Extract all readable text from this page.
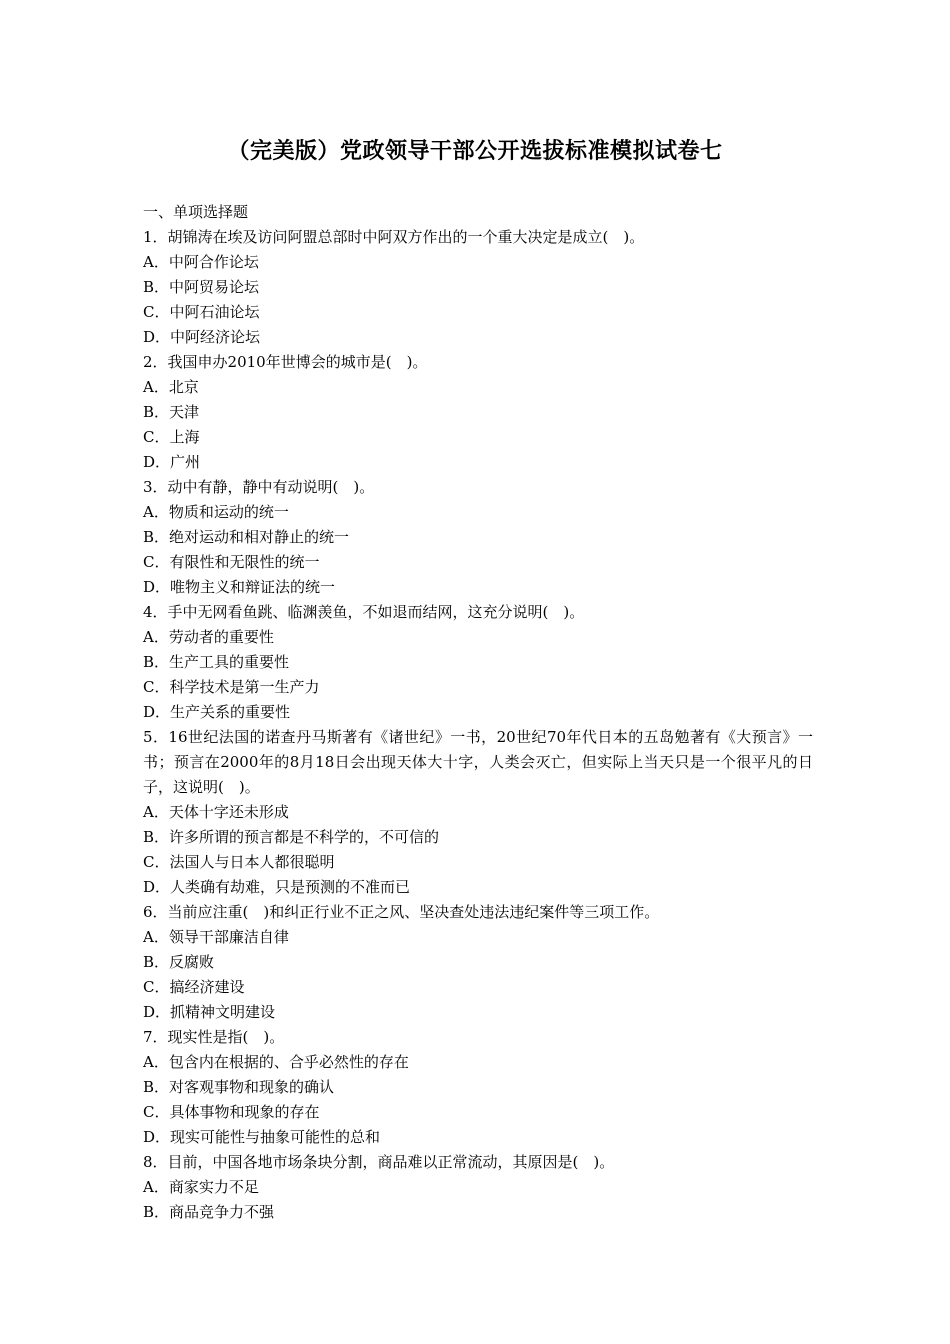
（完美版）党政领导干部公开选拔标准模拟试卷七
一、单项选择题
1．胡锦涛在埃及访问阿盟总部时中阿双方作出的一个重大决定是成立(　)。
A．中阿合作论坛
B．中阿贸易论坛
C．中阿石油论坛
D．中阿经济论坛
2．我国申办2010年世博会的城市是(　)。
A．北京
B．天津
C．上海
D．广州
3．动中有静，静中有动说明(　)。
A．物质和运动的统一
B．绝对运动和相对静止的统一
C．有限性和无限性的统一
D．唯物主义和辩证法的统一
4．手中无网看鱼跳、临渊羡鱼，不如退而结网，这充分说明(　)。
A．劳动者的重要性
B．生产工具的重要性
C．科学技术是第一生产力
D．生产关系的重要性
5．16世纪法国的诺查丹马斯著有《诸世纪》一书，20世纪70年代日本的五岛勉著有《大预言》一书；预言在2000年的8月18日会出现天体大十字，人类会灭亡，但实际上当天只是一个很平凡的日子，这说明(　)。
A．天体十字还未形成
B．许多所谓的预言都是不科学的，不可信的
C．法国人与日本人都很聪明
D．人类确有劫难，只是预测的不准而已
6．当前应注重(　)和纠正行业不正之风、坚决查处违法违纪案件等三项工作。
A．领导干部廉洁自律
B．反腐败
C．搞经济建设
D．抓精神文明建设
7．现实性是指(　)。
A．包含内在根据的、合乎必然性的存在
B．对客观事物和现象的确认
C．具体事物和现象的存在
D．现实可能性与抽象可能性的总和
8．目前，中国各地市场条块分割，商品难以正常流动，其原因是(　)。
A．商家实力不足
B．商品竞争力不强
